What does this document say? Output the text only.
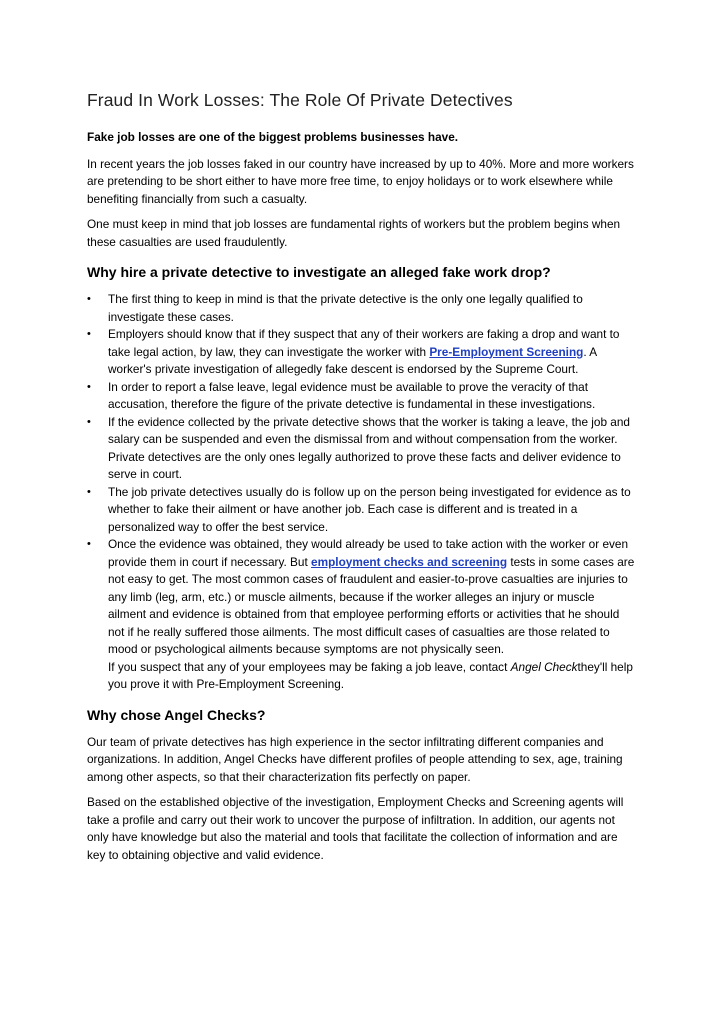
Fraud In Work Losses: The Role Of Private Detectives
Fake job losses are one of the biggest problems businesses have.

In recent years the job losses faked in our country have increased by up to 40%. More and more workers are pretending to be short either to have more free time, to enjoy holidays or to work elsewhere while benefiting financially from such a casualty.

One must keep in mind that job losses are fundamental rights of workers but the problem begins when these casualties are used fraudulently.

Why hire a private detective to investigate an alleged fake work drop?
•	The first thing to keep in mind is that the private detective is the only one legally qualified to investigate these cases.
•	Employers should know that if they suspect that any of their workers are faking a drop and want to take legal action, by law, they can investigate the worker with Pre-Employment Screening. A worker's private investigation of allegedly fake descent is endorsed by the Supreme Court.
•	In order to report a false leave, legal evidence must be available to prove the veracity of that accusation, therefore the figure of the private detective is fundamental in these investigations.
•	If the evidence collected by the private detective shows that the worker is taking a leave, the job and salary can be suspended and even the dismissal from and without compensation from the worker.
Private detectives are the only ones legally authorized to prove these facts and deliver evidence to serve in court.
•	The job private detectives usually do is follow up on the person being investigated for evidence as to whether to fake their ailment or have another job. Each case is different and is treated in a personalized way to offer the best service.
•	Once the evidence was obtained, they would already be used to take action with the worker or even provide them in court if necessary. But employment checks and screening tests in some cases are not easy to get. The most common cases of fraudulent and easier-to-prove casualties are injuries to any limb (leg, arm, etc.) or muscle ailments, because if the worker alleges an injury or muscle ailment and evidence is obtained from that employee performing efforts or activities that he should not if he really suffered those ailments. The most difficult cases of casualties are those related to mood or psychological ailments because symptoms are not physically seen.
If you suspect that any of your employees may be faking a job leave, contact Angel Checkthey'll help you prove it with Pre-Employment Screening.
Why chose Angel Checks?

Our team of private detectives has high experience in the sector infiltrating different companies and organizations. In addition, Angel Checks have different profiles of people attending to sex, age, training among other aspects, so that their characterization fits perfectly on paper.

Based on the established objective of the investigation, Employment Checks and Screening agents will take a profile and carry out their work to uncover the purpose of infiltration. In addition, our agents not only have knowledge but also the material and tools that facilitate the collection of information and are key to obtaining objective and valid evidence.
